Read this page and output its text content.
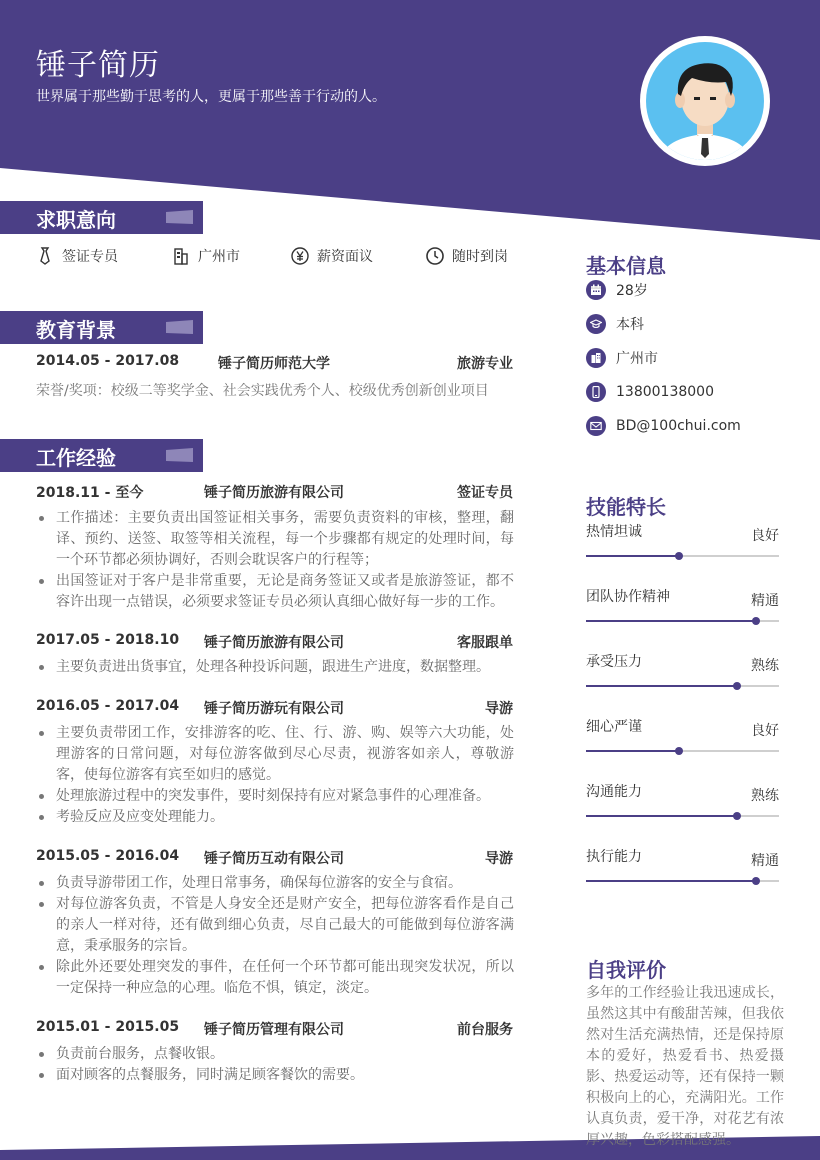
锤子简历
世界属于那些勤于思考的人，更属于那些善于行动的人。
求职意向
签证专员	广州市	薪资面议	随时到岗
教育背景
2014.05 - 2017.08	锤子简历师范大学	旅游专业
荣誉/奖项：校级二等奖学金、社会实践优秀个人、校级优秀创新创业项目
工作经验
2018.11 - 至今	锤子简历旅游有限公司	签证专员
工作描述：主要负责出国签证相关事务，需要负责资料的审核，整理，翻译、预约、送签、取签等相关流程，每一个步骤都有规定的处理时间，每一个环节都必须协调好，否则会耽误客户的行程等；
出国签证对于客户是非常重要，无论是商务签证又或者是旅游签证，都不容许出现一点错误，必须要求签证专员必须认真细心做好每一步的工作。
2017.05 - 2018.10 锤子简历旅游有限公司	客服跟单
主要负责进出货事宜，处理各种投诉问题，跟进生产进度，数据整理。
2016.05 - 2017.04 锤子简历游玩有限公司	导游
主要负责带团工作，安排游客的吃、住、行、游、购、娱等六大功能，处理游客的日常问题，对每位游客做到尽心尽责，视游客如亲人，尊敬游客，使每位游客有宾至如归的感觉。
处理旅游过程中的突发事件，要时刻保持有应对紧急事件的心理准备。
考验反应及应变处理能力。
2015.05 - 2016.04 锤子简历互动有限公司	导游
负责导游带团工作，处理日常事务，确保每位游客的安全与食宿。
对每位游客负责，不管是人身安全还是财产安全，把每位游客看作是自己的亲人一样对待，还有做到细心负责，尽自己最大的可能做到每位游客满意，秉承服务的宗旨。
除此外还要处理突发的事件，在任何一个环节都可能出现突发状况，所以一定保持一种应急的心理。临危不惧，镇定，淡定。
2015.01 - 2015.05 锤子简历管理有限公司	前台服务
负责前台服务，点餐收银。
面对顾客的点餐服务，同时满足顾客餐饮的需要。
基本信息
28岁
本科
广州市
13800138000
BD@100chui.com
技能特长
热情坦诚	良好
团队协作精神	精通
承受压力	熟练
细心严谨	良好
沟通能力	熟练
执行能力	精通
自我评价
多年的工作经验让我迅速成长，虽然这其中有酸甜苦辣，但我依然对生活充满热情，还是保持原本的爱好，热爱看书、热爱摄影、热爱运动等，还有保持一颗积极向上的心，充满阳光。工作认真负责，爱干净，对花艺有浓厚兴趣，色彩搭配感强。
